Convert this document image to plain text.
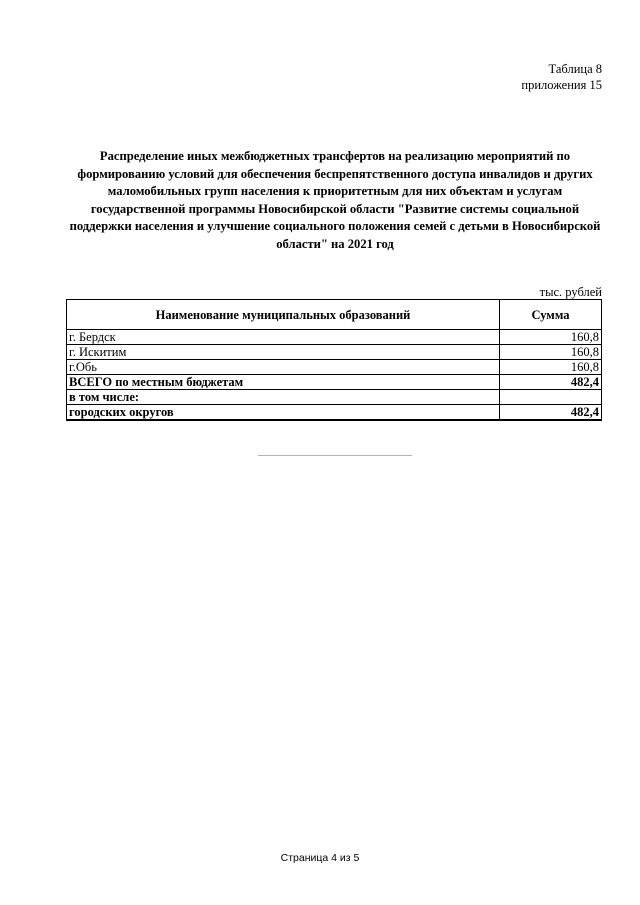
Таблица 8
приложения 15
Распределение иных межбюджетных трансфертов на реализацию мероприятий по формированию условий для обеспечения беспрепятственного доступа инвалидов и других маломобильных групп населения к приоритетным для них объектам и услугам государственной программы Новосибирской области "Развитие системы социальной поддержки населения и улучшение социального положения семей с детьми в Новосибирской области" на 2021 год
тыс. рублей
Наименование муниципальных образований	Сумма
г. Бердск	160,8
г. Искитим	160,8
г.Обь	160,8
ВСЕГО по местным бюджетам	482,4
в том числе:	
городских округов	482,4
Страница 4 из 5
